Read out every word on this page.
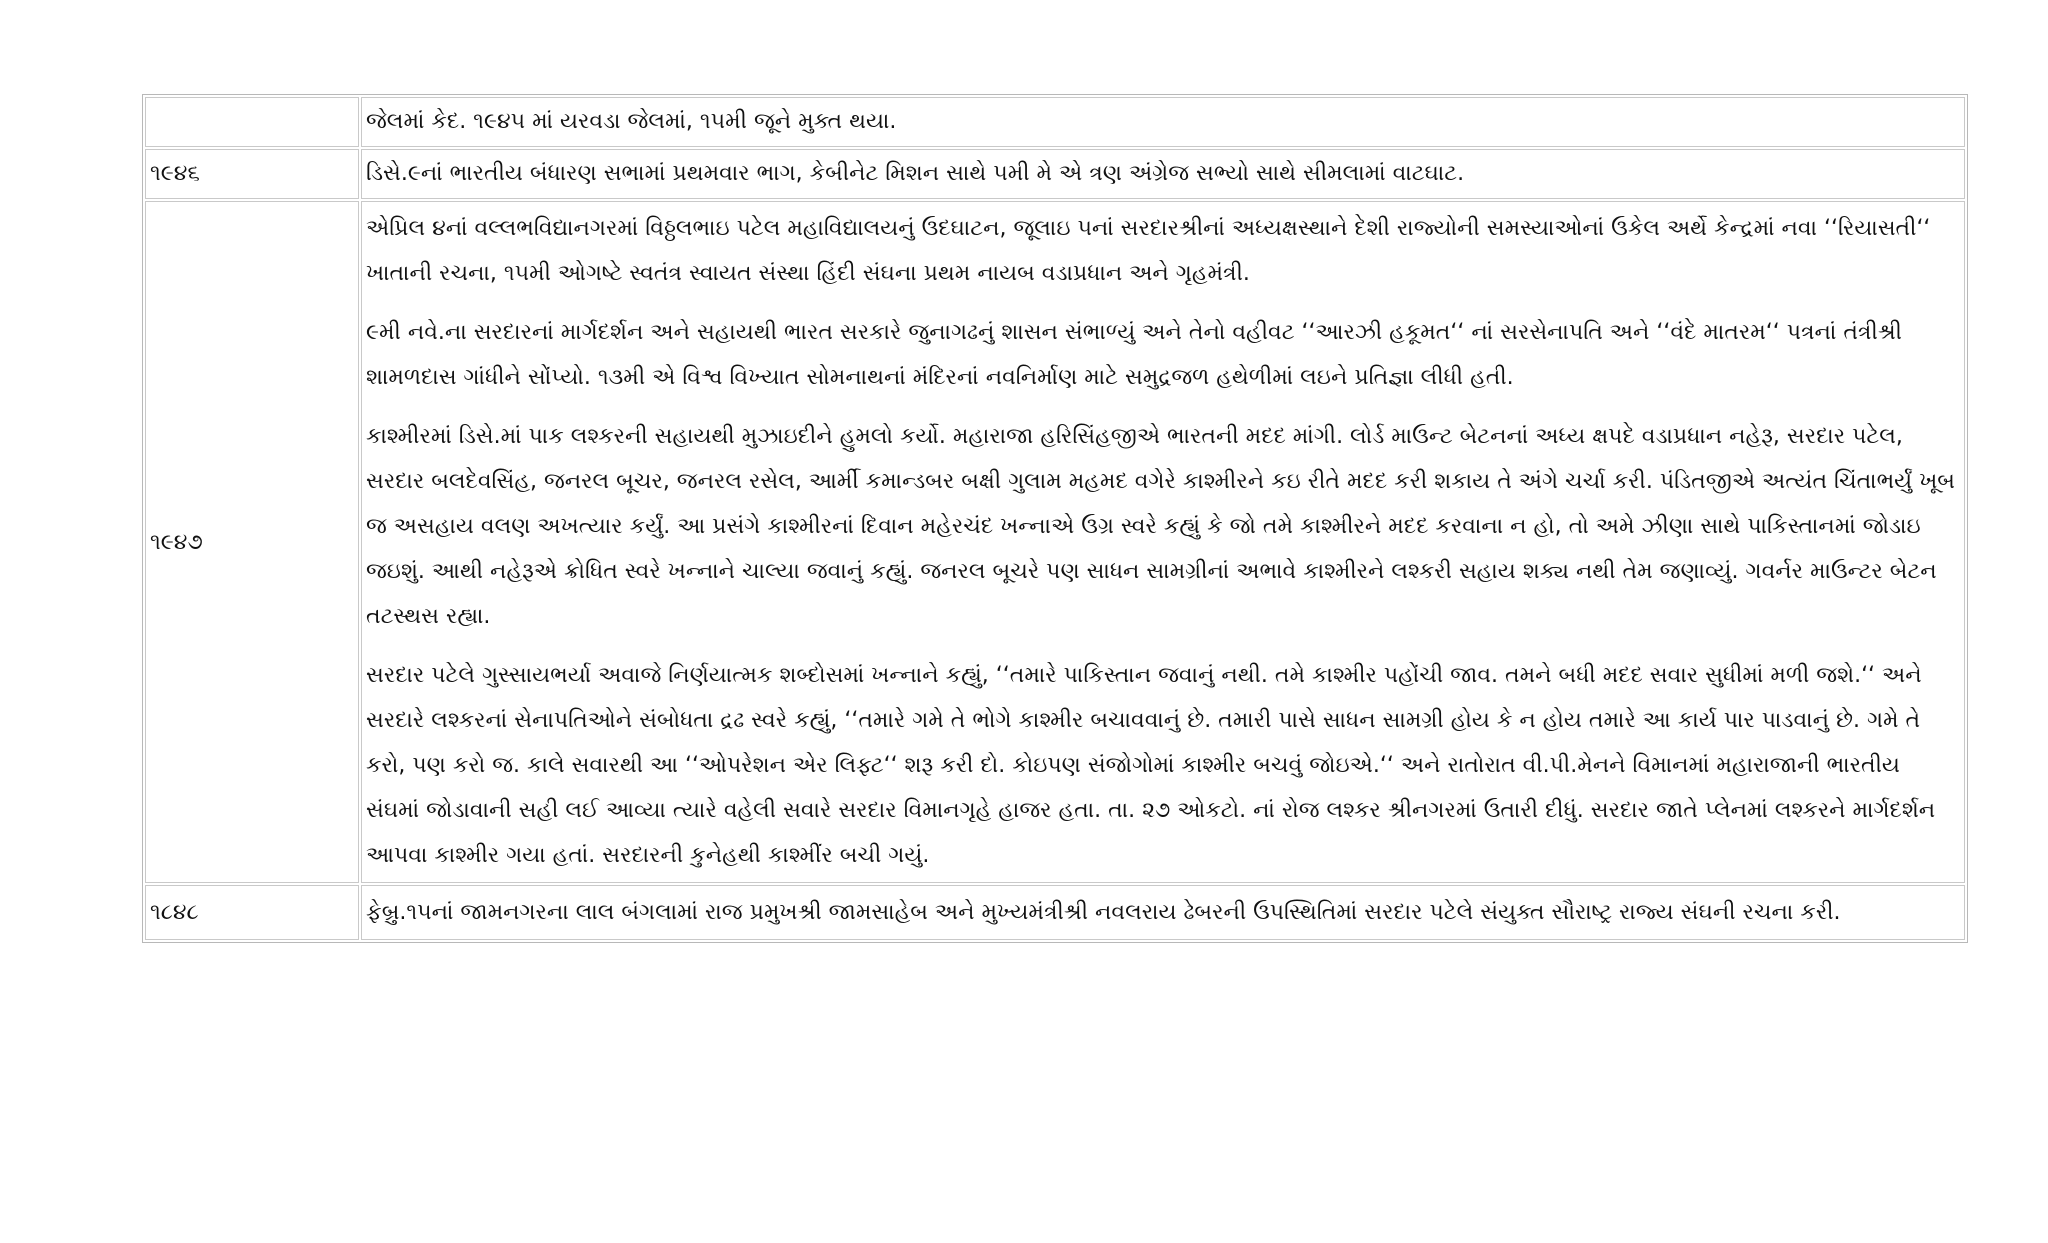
	જેલમાં કેદ. ૧૯૪૫ માં યરવડા જેલમાં, ૧૫મી જૂને મુક્ત થયા.

૧૯૪૬	ડિસે.૯નાં ભારતીય બંધારણ સભામાં પ્રથમવાર ભાગ, કેબીનેટ મિશન સાથે ૫મી મે એ ત્રણ અંગ્રેજ સભ્યો સાથે સીમલામાં વાટઘાટ.

૧૯૪૭	એપ્રિલ ૪નાં વલ્લભવિદ્યાનગરમાં વિઠ્ઠલભાઇ પટેલ મહાવિદ્યાલયનું ઉદઘાટન, જૂલાઇ ૫નાં સરદારશ્રીનાં અધ્યક્ષસ્થાને દેશી રાજ્યોની સમસ્યાઓનાં ઉકેલ અર્થે કેન્દ્રમાં નવા ‘‘રિયાસતી‘‘ ખાતાની રચના, ૧૫મી ઓગષ્ટે સ્વતંત્ર સ્વાયત સંસ્થા હિંદી સંઘના પ્રથમ નાયબ વડાપ્રધાન અને ગૃહમંત્રી.

૯મી નવે.ના સરદારનાં માર્ગદર્શન અને સહાયથી ભારત સરકારે જુનાગઢનું શાસન સંભાળ્યું અને તેનો વહીવટ ‘‘આરઝી હકૂમત‘‘ નાં સરસેનાપતિ અને ‘‘વંદે માતરમ‘‘ પત્રનાં તંત્રીશ્રી શામળદાસ ગાંધીને સોંપ્યો. ૧૩મી એ વિશ્વ વિખ્યાત સોમનાથનાં મંદિરનાં નવનિર્માણ માટે સમુદ્રજળ હથેળીમાં લઇને પ્રતિજ્ઞા લીધી હતી.

કાશ્મીરમાં ડિસે.માં પાક લશ્કરની સહાયથી મુઝાઇદીને હુમલો કર્યો. મહારાજા હરિસિંહજીએ ભારતની મદદ માંગી. લોર્ડ માઉન્ટ બેટનનાં અધ્ય ક્ષપદે વડાપ્રધાન નહેરૂ, સરદાર પટેલ, સરદાર બલદેવસિંહ, જનરલ બૂચર, જનરલ રસેલ, આર્મી કમાન્ડબર બક્ષી ગુલામ મહમદ વગેરે કાશ્મીરને કઇ રીતે મદદ કરી શકાય તે અંગે ચર્ચા કરી. પંડિતજીએ અત્યંત ચિંતાભર્યું ખૂબ જ અસહાય વલણ અખત્યાર કર્યું. આ પ્રસંગે કાશ્મીરનાં દિવાન મહેરચંદ ખન્નાએ ઉગ્ર સ્વરે કહ્યું કે જો તમે કાશ્મીરને મદદ કરવાના ન હો, તો અમે ઝીણા સાથે પાકિસ્તાનમાં જોડાઇ જઇશું. આથી નહેરૂએ ક્રોધિત સ્વરે ખન્નાને ચાલ્યા જવાનું કહ્યું. જનરલ બૂચરે પણ સાધન સામગ્રીનાં અભાવે કાશ્મીરને લશ્કરી સહાય શક્ય નથી તેમ જણાવ્યું. ગવર્નર માઉન્ટર બેટન તટસ્થસ રહ્યા.

સરદાર પટેલે ગુસ્સાયભર્યા અવાજે નિર્ણયાત્મક શબ્દોસમાં ખન્નાને કહ્યું, ‘‘તમારે પાકિસ્તાન જવાનું નથી. તમે કાશ્મીર પહોંચી જાવ. તમને બધી મદદ સવાર સુધીમાં મળી જશે.‘‘ અને સરદારે લશ્કરનાં સેનાપતિઓને સંબોધતા દ્રઢ સ્વરે કહ્યું, ‘‘તમારે ગમે તે ભોગે કાશ્મીર બચાવવાનું છે. તમારી પાસે સાધન સામગ્રી હોય કે ન હોય તમારે આ કાર્ય પાર પાડવાનું છે. ગમે તે કરો, પણ કરો જ. કાલે સવારથી આ ‘‘ઓપરેશન એર લિફ્ટ‘‘ શરૂ કરી દો. કોઇપણ સંજોગોમાં કાશ્મીર બચવું જોઇએ.‘‘ અને રાતોરાત વી.પી.મેનને વિમાનમાં મહારાજાની ભારતીય સંઘમાં જોડાવાની સહી લઈ આવ્યા ત્યારે વહેલી સવારે સરદાર વિમાનગૃહે હાજર હતા. તા. ૨૭ ઓકટો. નાં રોજ લશ્કર શ્રીનગરમાં ઉતારી દીધું. સરદાર જાતે પ્લેનમાં લશ્કરને માર્ગદર્શન આપવા કાશ્મીર ગયા હતાં. સરદારની કુનેહથી કાશ્મીંર બચી ગયું.

૧૮૪૮	ફેબ્રુ.૧૫નાં જામનગરના લાલ બંગલામાં રાજ પ્રમુખશ્રી જામસાહેબ અને મુખ્યમંત્રીશ્રી નવલરાય ઢેબરની ઉપસ્થિતિમાં સરદાર પટેલે સંયુક્ત સૌરાષ્ટ્ર રાજ્ય સંઘની રચના કરી.
